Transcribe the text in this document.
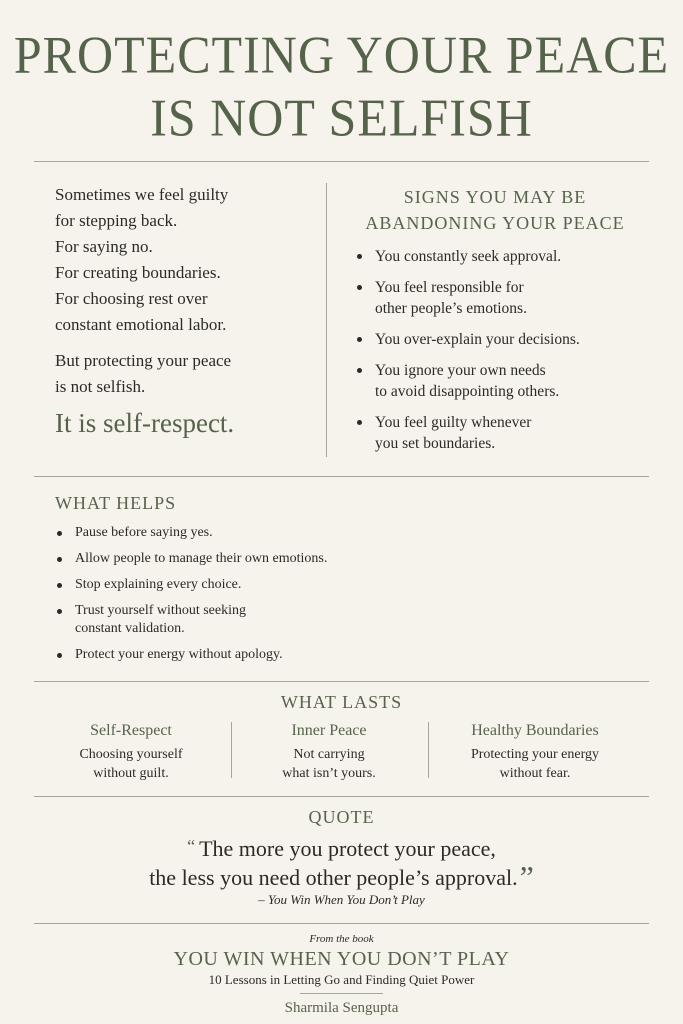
PROTECTING YOUR PEACE
IS NOT SELFISH

Sometimes we feel guilty

for stepping back.

For saying no.

For creating boundaries.

For choosing rest over

constant emotional labor.

But protecting your peace

is not selfish.

It is self-respect.

SIGNS YOU MAY BE
ABANDONING YOUR PEACE
You constantly seek approval.
You feel responsible for
other people’s emotions.
You over-explain your decisions.
You ignore your own needs
to avoid disappointing others.
You feel guilty whenever
you set boundaries.
WHAT HELPS
Pause before saying yes.
Allow people to manage their own emotions.
Stop explaining every choice.
Trust yourself without seeking
constant validation.
Protect your energy without apology.
WHAT LASTS
Self-Respect
Choosing yourself
without guilt.
Inner Peace
Not carrying
what isn’t yours.
Healthy Boundaries
Protecting your energy
without fear.
QUOTE
“ The more you protect your peace,
the less you need other people’s approval.”
– You Win When You Don’t Play
From the book
YOU WIN WHEN YOU DON’T PLAY
10 Lessons in Letting Go and Finding Quiet Power
Sharmila Sengupta
